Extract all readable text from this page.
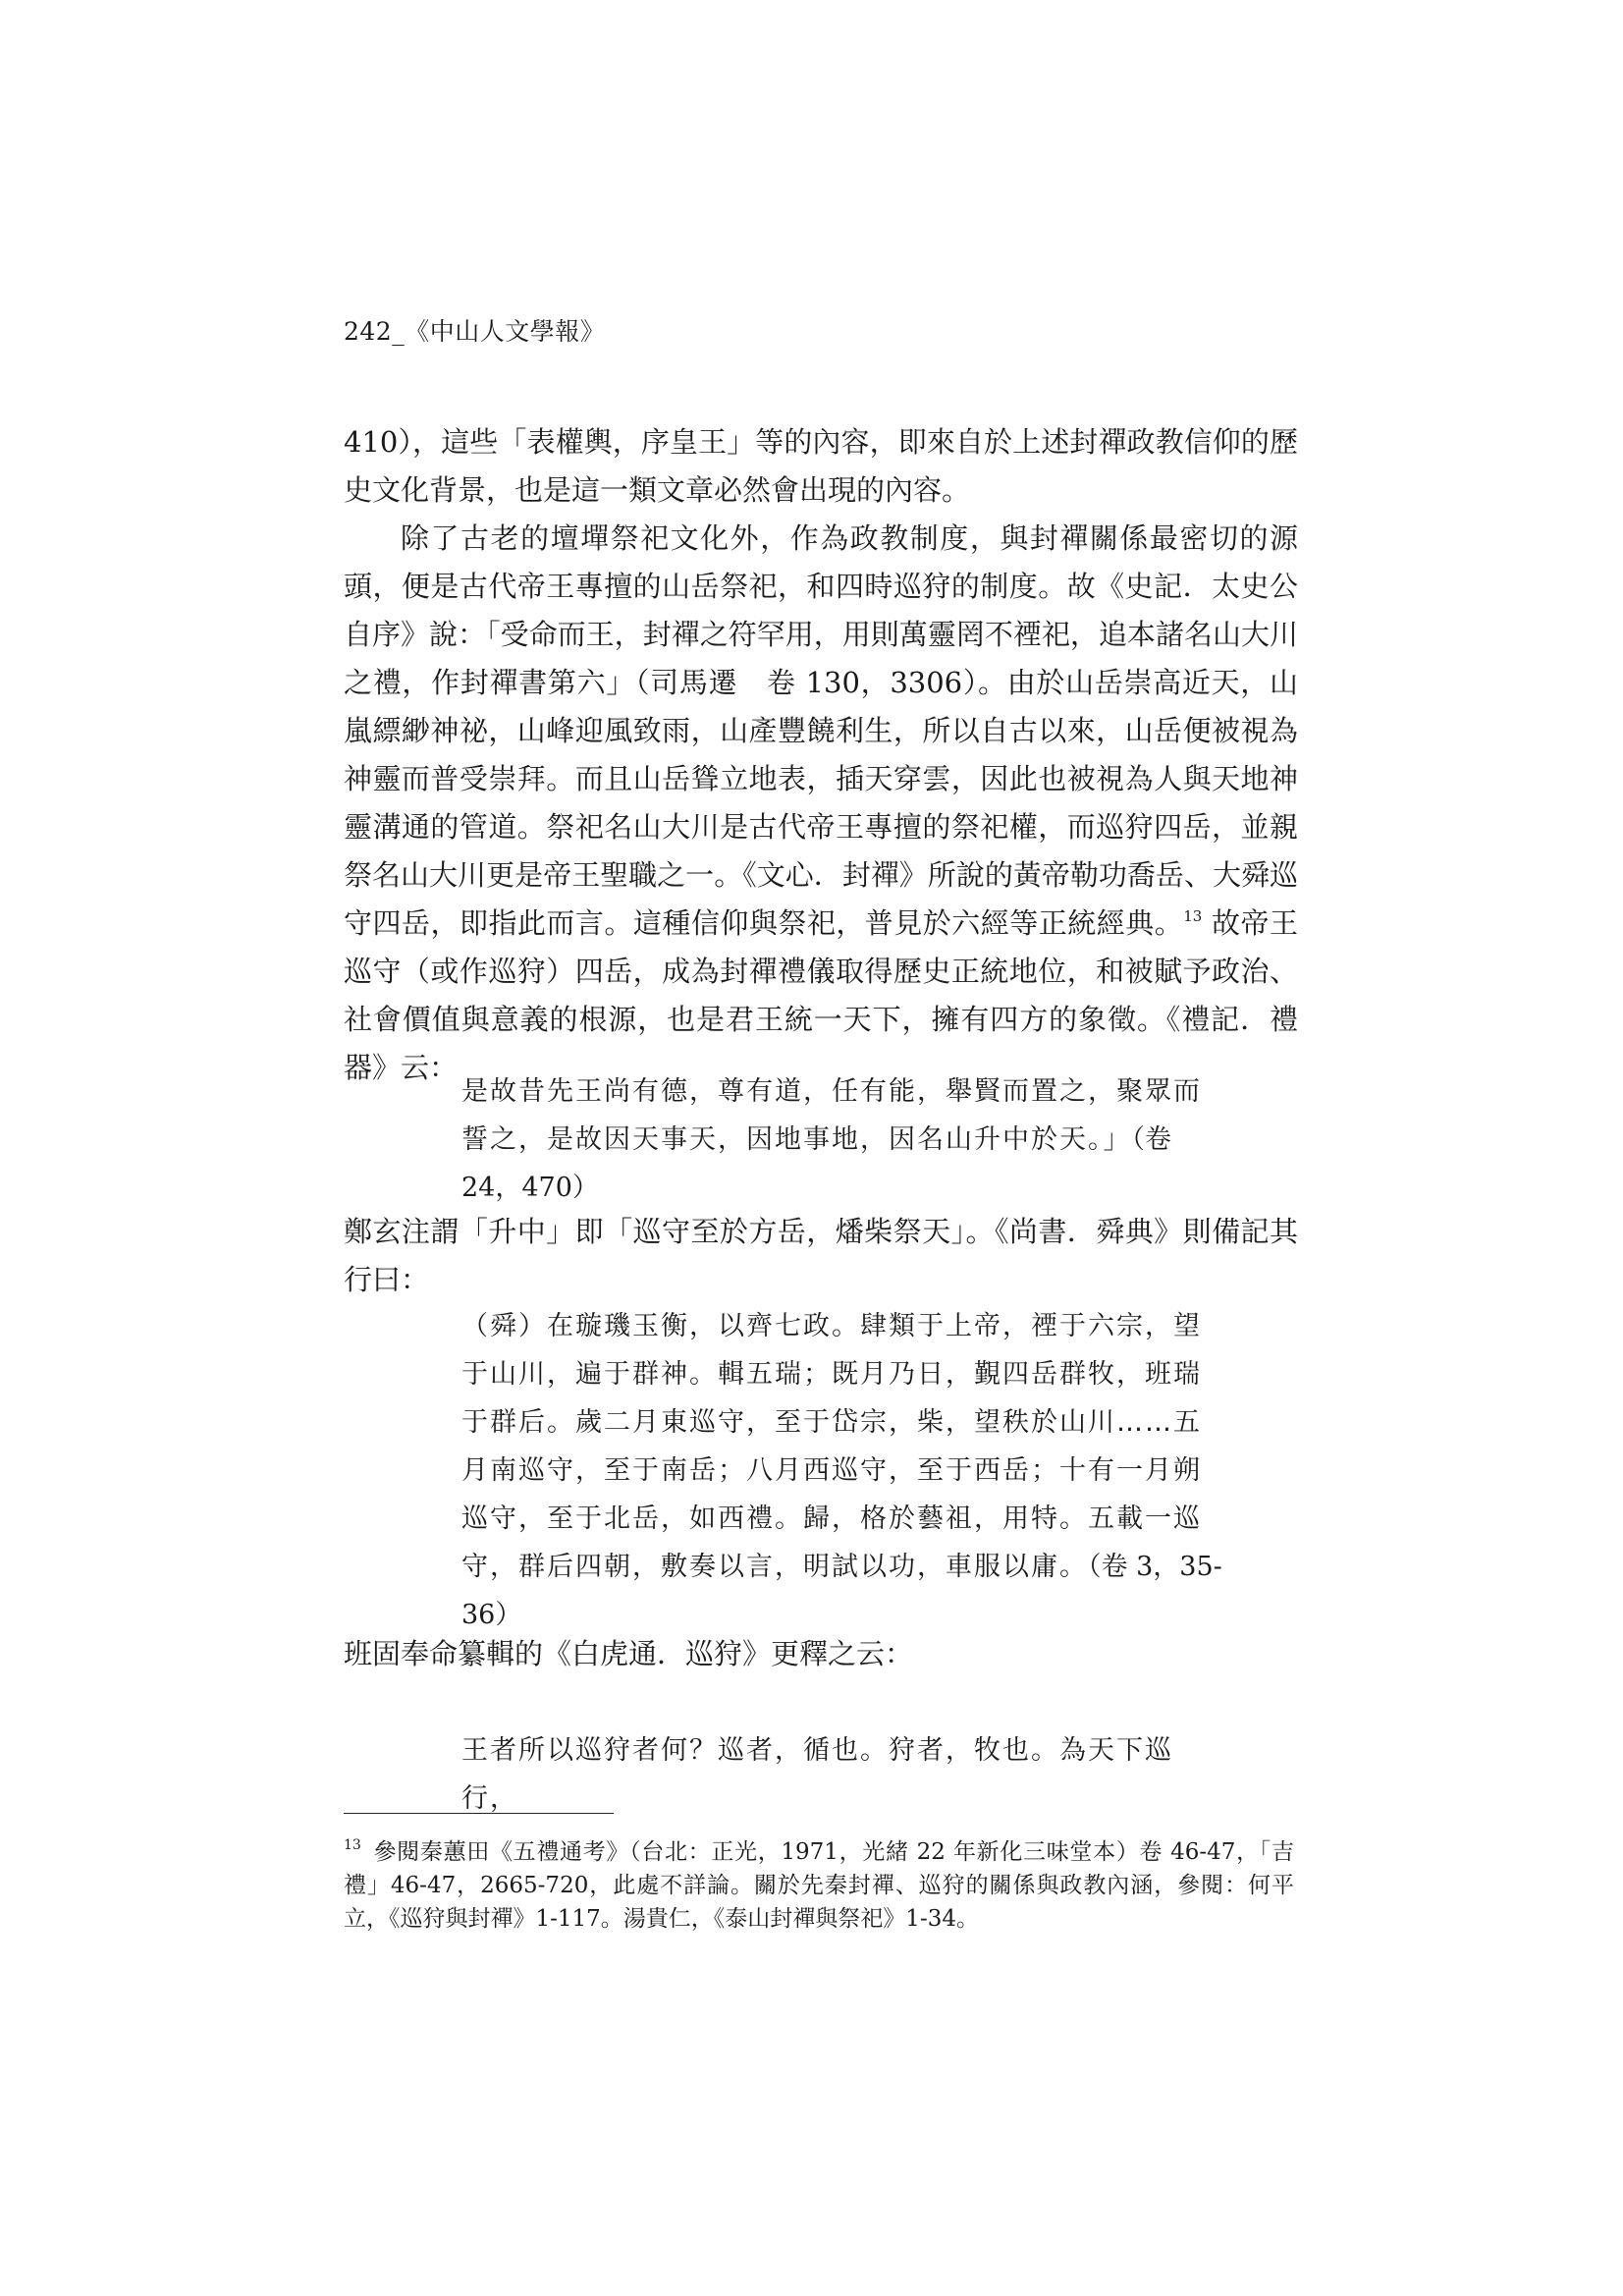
242_《中山人文學報》

410），這些「表權輿，序皇王」等的內容，即來自於上述封禪政教信仰的歷史文化背景，也是這一類文章必然會出現的內容。

除了古老的壇墠祭祀文化外，作為政教制度，與封禪關係最密切的源頭，便是古代帝王專擅的山岳祭祀，和四時巡狩的制度。故《史記．太史公自序》說：「受命而王，封禪之符罕用，用則萬靈罔不禋祀，追本諸名山大川之禮，作封禪書第六」（司馬遷　卷 130，3306）。由於山岳崇高近天，山嵐縹緲神祕，山峰迎風致雨，山產豐饒利生，所以自古以來，山岳便被視為神靈而普受崇拜。而且山岳聳立地表，插天穿雲，因此也被視為人與天地神靈溝通的管道。祭祀名山大川是古代帝王專擅的祭祀權，而巡狩四岳，並親祭名山大川更是帝王聖職之一。《文心．封禪》所說的黃帝勒功喬岳、大舜巡守四岳，即指此而言。這種信仰與祭祀，普見於六經等正統經典。$^{13}$ 故帝王巡守（或作巡狩）四岳，成為封禪禮儀取得歷史正統地位，和被賦予政治、社會價值與意義的根源，也是君王統一天下，擁有四方的象徵。《禮記．禮器》云：

是故昔先王尚有德，尊有道，任有能，舉賢而置之，聚眾而誓之，是故因天事天，因地事地，因名山升中於天。」（卷 24，470）

鄭玄注謂「升中」即「巡守至於方岳，燔柴祭天」。《尚書．舜典》則備記其行曰：

（舜）在璇璣玉衡，以齊七政。肆類于上帝，禋于六宗，望于山川，遍于群神。輯五瑞；既月乃日，覲四岳群牧，班瑞于群后。歲二月東巡守，至于岱宗，柴，望秩於山川……五月南巡守，至于南岳；八月西巡守，至于西岳；十有一月朔巡守，至于北岳，如西禮。歸，格於藝祖，用特。五載一巡守，群后四朝，敷奏以言，明試以功，車服以庸。（卷 3，35-36）

班固奉命纂輯的《白虎通．巡狩》更釋之云：

王者所以巡狩者何？巡者，循也。狩者，牧也。為天下巡行，

$^{13}$ 參閱秦蕙田《五禮通考》（台北：正光，1971，光緒 22 年新化三味堂本）卷 46-47，「吉禮」46-47，2665-720，此處不詳論。關於先秦封禪、巡狩的關係與政教內涵，參閱：何平立，《巡狩與封禪》1-117。湯貴仁，《泰山封禪與祭祀》1-34。
